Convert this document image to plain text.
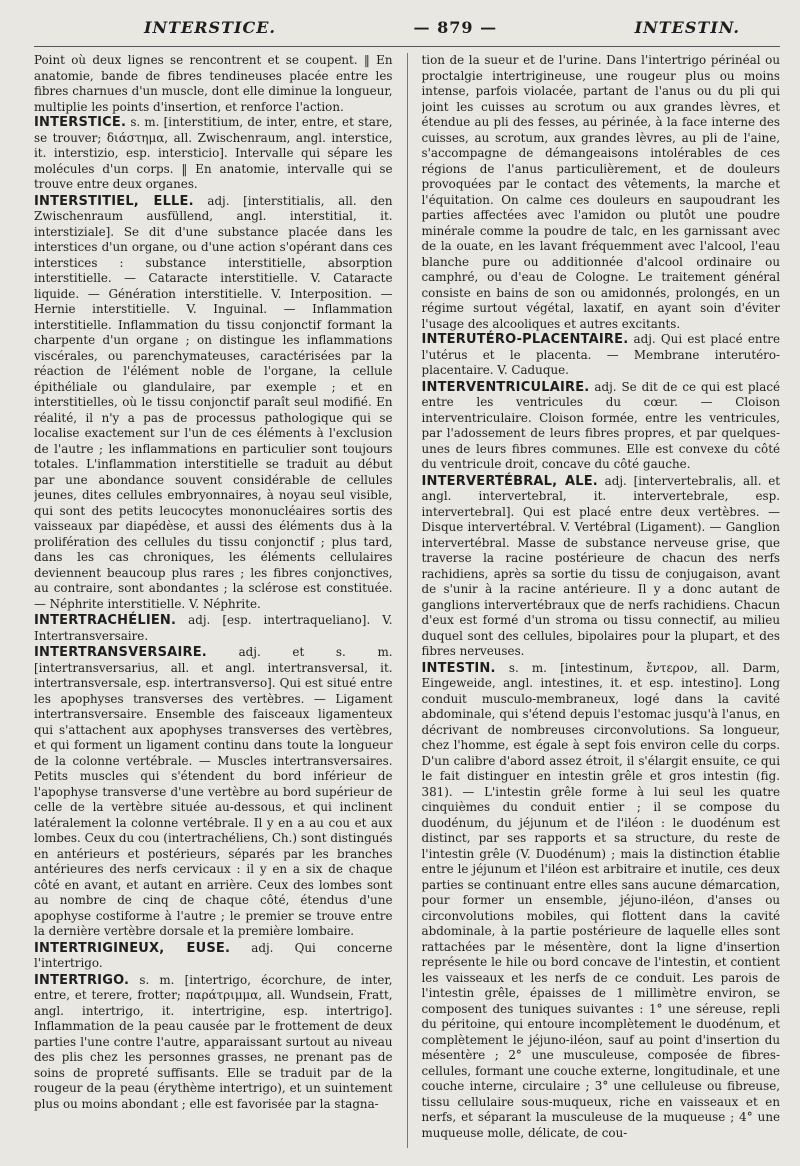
INTERSTICE.	— 879 —	INTESTIN.

Point où deux lignes se rencontrent et se coupent. ‖ En anatomie, bande de fibres tendineuses placée entre les fibres charnues d'un muscle, dont elle diminue la longueur, multiplie les points d'insertion, et renforce l'action.

INTERSTICE. s. m. [interstitium, de inter, entre, et stare, se trouver; διάστημα, all. Zwischenraum, angl. interstice, it. interstizio, esp. intersticio]. Intervalle qui sépare les molécules d'un corps. ‖ En anatomie, intervalle qui se trouve entre deux organes.

INTERSTITIEL, ELLE. adj. [interstitialis, all. den Zwischenraum ausfüllend, angl. interstitial, it. interstiziale]. Se dit d'une substance placée dans les interstices d'un organe, ou d'une action s'opérant dans ces interstices : substance interstitielle, absorption interstitielle. — Cataracte interstitielle. V. Cataracte liquide. — Génération interstitielle. V. Interposition. — Hernie interstitielle. V. Inguinal. — Inflammation interstitielle. Inflammation du tissu conjonctif formant la charpente d'un organe ; on distingue les inflammations viscérales, ou parenchymateuses, caractérisées par la réaction de l'élément noble de l'organe, la cellule épithéliale ou glandulaire, par exemple ; et en interstitielles, où le tissu conjonctif paraît seul modifié. En réalité, il n'y a pas de processus pathologique qui se localise exactement sur l'un de ces éléments à l'exclusion de l'autre ; les inflammations en particulier sont toujours totales. L'inflammation interstitielle se traduit au début par une abondance souvent considérable de cellules jeunes, dites cellules embryonnaires, à noyau seul visible, qui sont des petits leucocytes mononucléaires sortis des vaisseaux par diapédèse, et aussi des éléments dus à la prolifération des cellules du tissu conjonctif ; plus tard, dans les cas chroniques, les éléments cellulaires deviennent beaucoup plus rares ; les fibres conjonctives, au contraire, sont abondantes ; la sclérose est constituée. — Néphrite interstitielle. V. Néphrite.

INTERTRACHÉLIEN. adj. [esp. intertraqueliano]. V. Intertransversaire.

INTERTRANSVERSAIRE.	adj. et s. m. [intertransversarius, all. et angl. intertransversal, it. intertransversale, esp. intertransverso]. Qui est situé entre les apophyses transverses des vertèbres. — Ligament intertransversaire. Ensemble des faisceaux ligamenteux qui s'attachent aux apophyses transverses des vertèbres, et qui forment un ligament continu dans toute la longueur de la colonne vertébrale. — Muscles intertransversaires. Petits muscles qui s'étendent du bord inférieur de l'apophyse transverse d'une vertèbre au bord supérieur de celle de la vertèbre située au-dessous, et qui inclinent latéralement la colonne vertébrale. Il y en a au cou et aux lombes. Ceux du cou (intertrachéliens, Ch.) sont distingués en antérieurs et postérieurs, séparés par les branches antérieures des nerfs cervicaux : il y en a six de chaque côté en avant, et autant en arrière. Ceux des lombes sont au nombre de cinq de chaque côté, étendus d'une apophyse costiforme à l'autre ; le premier se trouve entre la dernière vertèbre dorsale et la première lombaire.

INTERTRIGINEUX, EUSE. adj. Qui concerne l'intertrigo.

INTERTRIGO. s. m. [intertrigo, écorchure, de inter, entre, et terere, frotter; παράτριμμα, all. Wundsein, Fratt, angl. intertrigo, it. intertrigine, esp. intertrigo]. Inflammation de la peau causée par le frottement de deux parties l'une contre l'autre, apparaissant surtout au niveau des plis chez les personnes grasses, ne prenant pas de soins de propreté suffisants. Elle se traduit par de la rougeur de la peau (érythème intertrigo), et un suintement plus ou moins abondant ; elle est favorisée par la stagna-

tion de la sueur et de l'urine. Dans l'intertrigo périnéal ou proctalgie intertrigineuse, une rougeur plus ou moins intense, parfois violacée, partant de l'anus ou du pli qui joint les cuisses au scrotum ou aux grandes lèvres, et étendue au pli des fesses, au périnée, à la face interne des cuisses, au scrotum, aux grandes lèvres, au pli de l'aine, s'accompagne de démangeaisons intolérables de ces régions de l'anus particulièrement, et de douleurs provoquées par le contact des vêtements, la marche et l'équitation. On calme ces douleurs en saupoudrant les parties affectées avec l'amidon ou plutôt une poudre minérale comme la poudre de talc, en les garnissant avec de la ouate, en les lavant fréquemment avec l'alcool, l'eau blanche pure ou additionnée d'alcool ordinaire ou camphré, ou d'eau de Cologne. Le traitement général consiste en bains de son ou amidonnés, prolongés, en un régime surtout végétal, laxatif, en ayant soin d'éviter l'usage des alcooliques et autres excitants.

INTERUTÉRO-PLACENTAIRE. adj. Qui est placé entre l'utérus et le placenta. — Membrane interutéro-placentaire. V. Caduque.

INTERVENTRICULAIRE. adj. Se dit de ce qui est placé entre les ventricules du cœur. — Cloison interventriculaire. Cloison formée, entre les ventricules, par l'adossement de leurs fibres propres, et par quelques-unes de leurs fibres communes. Elle est convexe du côté du ventricule droit, concave du côté gauche.

INTERVERTÉBRAL, ALE. adj. [intervertebralis, all. et angl. intervertebral, it. intervertebrale, esp. intervertebral]. Qui est placé entre deux vertèbres. — Disque intervertébral. V. Vertébral (Ligament). — Ganglion intervertébral. Masse de substance nerveuse grise, que traverse la racine postérieure de chacun des nerfs rachidiens, après sa sortie du tissu de conjugaison, avant de s'unir à la racine antérieure. Il y a donc autant de ganglions intervertébraux que de nerfs rachidiens. Chacun d'eux est formé d'un stroma ou tissu connectif, au milieu duquel sont des cellules, bipolaires pour la plupart, et des fibres nerveuses.

INTESTIN. s. m. [intestinum, ἔντερον, all. Darm, Eingeweide, angl. intestines, it. et esp. intestino]. Long conduit musculo-membraneux, logé dans la cavité abdominale, qui s'étend depuis l'estomac jusqu'à l'anus, en décrivant de nombreuses circonvolutions. Sa longueur, chez l'homme, est égale à sept fois environ celle du corps. D'un calibre d'abord assez étroit, il s'élargit ensuite, ce qui le fait distinguer en intestin grêle et gros intestin (fig. 381). — L'intestin grêle forme à lui seul les quatre cinquièmes du conduit entier ; il se compose du duodénum, du jéjunum et de l'iléon : le duodénum est distinct, par ses rapports et sa structure, du reste de l'intestin grêle (V. Duodénum) ; mais la distinction établie entre le jéjunum et l'iléon est arbitraire et inutile, ces deux parties se continuant entre elles sans aucune démarcation, pour former un ensemble, jéjuno-iléon, d'anses ou circonvolutions mobiles, qui flottent dans la cavité abdominale, à la partie postérieure de laquelle elles sont rattachées par le mésentère, dont la ligne d'insertion représente le hile ou bord concave de l'intestin, et contient les vaisseaux et les nerfs de ce conduit. Les parois de l'intestin grêle, épaisses de 1 millimètre environ, se composent des tuniques suivantes : 1° une séreuse, repli du péritoine, qui entoure incomplètement le duodénum, et complètement le jéjuno-iléon, sauf au point d'insertion du mésentère ; 2° une musculeuse, composée de fibres-cellules, formant une couche externe, longitudinale, et une couche interne, circulaire ; 3° une celluleuse ou fibreuse, tissu cellulaire sous-muqueux, riche en vaisseaux et en nerfs, et séparant la musculeuse de la muqueuse ; 4° une muqueuse molle, délicate, de cou-
